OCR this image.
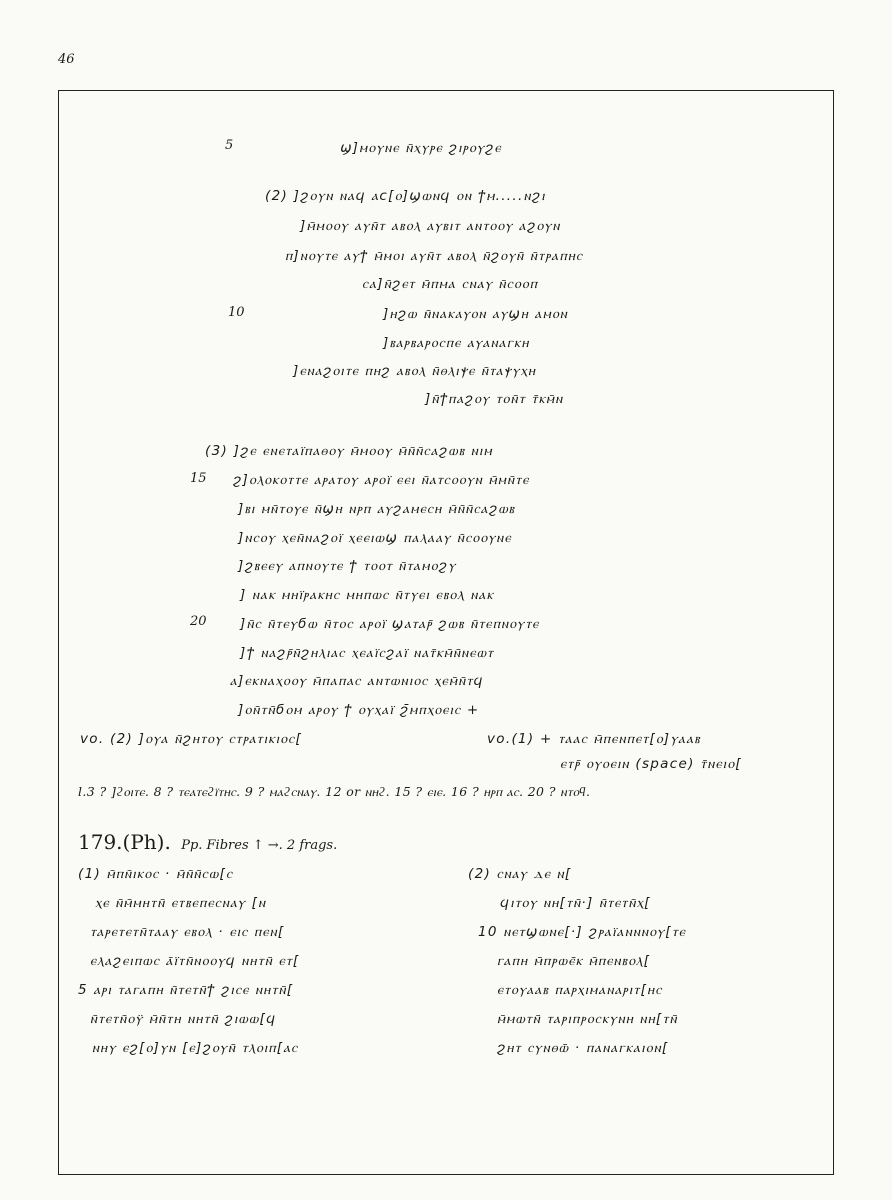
46
5	ϣ]ⲙⲟⲩⲛⲉ ⲛ̄ⲭⲩⲣⲉ ϩⲓⲣⲟⲩϩⲉ
(2) ]ϩⲟⲩⲛ ⲛⲁϥ ⲁϲ[ⲟ]ϣⲱⲛϥ ⲟⲛ ϯⲙ.....ⲛϩⲓ
]ⲙ̄ⲙⲟⲟⲩ ⲁⲩⲛ̄ⲧ ⲁⲃⲟⲗ ⲁⲩⲃⲓⲧ ⲁⲛⲧⲟⲟⲩ ⲁϩⲟⲩⲛ
ⲡ]ⲛⲟⲩⲧⲉ ⲁⲩϯ ⲙ̄ⲙⲟⲓ ⲁⲩⲛ̄ⲧ ⲁⲃⲟⲗ ⲛ̄ϩⲟⲩⲛ̄ ⲛ̄ⲧⲣⲁⲡⲏⲥ
ⲥⲁ]ⲛ̄ϩⲉⲧ ⲙ̄ⲡⲙⲁ ⲥⲛⲁⲩ ⲛ̄ⲥⲟⲟⲡ
10	]ⲏϩⲱ ⲛ̄ⲛⲁⲕⲁⲩⲟⲛ ⲁⲩϣⲏ ⲁⲙⲟⲛ
]ⲃⲁⲣⲃⲁⲣⲟⲥⲡⲉ ⲁⲩⲁⲛⲁⲅⲕⲏ
]ⲉⲛⲁϩⲟⲓⲧⲉ ⲡⲏϩ ⲁⲃⲟⲗ ⲛ̄ⲑⲗⲓⲯⲉ ⲛ̄ⲧⲁⲯⲩⲭⲏ
]ⲛ̄ϯⲡⲁϩⲟⲩ ⲧⲟⲛ̄ⲧ ⲧ̄ⲕⲙ̄ⲛ
(3) ]ϩⲉ ⲉⲛⲉⲧⲁⲓ̈ⲡⲁⲑⲟⲩ ⲙ̄ⲙⲟⲟⲩ ⲙ̄ⲛ̄ⲛ̄ⲥⲁϩⲱⲃ ⲛⲓⲙ
15 ϩ]ⲟⲗⲟⲕⲟⲧⲧⲉ ⲁⲣⲁⲧⲟⲩ ⲁⲣⲟⲓ̈ ⲉⲉⲓ ⲛ̄ⲁⲧⲥⲟⲟⲩⲛ ⲙ̄ⲙⲛ̄ⲧⲉ
]ⲃⲓ ⲙⲛ̄ⲧⲟⲩⲉ ⲛ̄ϣⲏ ⲛⲣⲡ ⲁⲩϩⲁⲙⲉⲥⲏ ⲙ̄ⲛ̄ⲛ̄ⲥⲁϩⲱⲃ
]ⲛⲥⲟⲩ ⲭⲉⲛ̄ⲛⲁϩⲟⲓ̈ ⲭⲉⲉⲓⲱϣ ⲡⲁⲗⲁⲁⲩ ⲛ̄ⲥⲟⲟⲩⲛⲉ
]ϩⲃⲉⲉⲩ ⲁⲡⲛⲟⲩⲧⲉ ϯ ⲧⲟⲟⲧ ⲛ̄ⲧⲁⲙⲟϩⲩ
] ⲛⲁⲕ ⲙⲏⲓ̈ⲣⲁⲕⲏⲥ ⲙⲏⲡⲱⲥ ⲛ̄ⲧⲩⲉⲓ ⲉⲃⲟⲗ ⲛⲁⲕ
20 ]ⲛ̄ⲥ ⲛ̄ⲧⲉⲩϭⲱ ⲛ̄ⲧⲟⲥ ⲁⲣⲟⲓ̈ ϣⲁⲧⲁⲣ̄ ϩⲱⲃ ⲛ̄ⲧⲉⲡⲛⲟⲩⲧⲉ
]ϯ ⲛⲁϩⲣ̄ⲛ̄ϩⲏⲗⲓⲁⲥ ⲭⲉⲁⲓ̈ⲥϩⲁⲓ̈ ⲛⲁⲧ̄ⲕⲙ̄ⲛ̄ⲛⲉⲱⲧ
ⲁ]ⲉⲕⲛⲁⲭⲟⲟⲩ ⲙ̄ⲡⲁⲡⲁⲥ ⲁⲛⲧⲱⲛⲓⲟⲥ ⲭⲉⲙ̄ⲛ̄ⲧϥ
]ⲟⲛ̄ⲧⲛ̄ϭⲟⲙ ⲁⲣⲟⲩ ϯ ⲟⲩⲭⲁⲓ̈ ϩ̄ⲙⲡⲭⲟⲉⲓⲥ +
vo. (2) ]ⲟⲩⲁ ⲛ̄ϩⲏⲧⲟⲩ ⲥⲧⲣⲁⲧⲓⲕⲓⲟⲥ[	vo.(1) + ⲧⲁⲁⲥ ⲙ̄ⲡⲉⲛⲡⲉⲧ[ⲟ]ⲩⲁⲁⲃ
ⲉⲧⲣ̄ ⲟⲩⲟⲉⲓⲛ (space) ⲧ̄ⲛⲉⲓⲟ[
l.3 ? ]ϩⲟⲓⲧⲉ. 8 ? ⲧⲉⲁⲧⲉϩⲓ̈ⲧⲏⲥ. 9 ? ⲙⲁϩⲥⲛⲁⲩ. 12 or ⲛⲏϩ. 15 ? ⲉⲓⲉ. 16 ? ⲏⲣⲡ ⲁⲥ. 20 ? ⲛⲧⲟϥ.
179.(Ph). Pp. Fibres ↑ →. 2 frags.
(1) ⲙ̄ⲡⲛ̄ⲓⲕⲟⲥ · ⲙ̄ⲛ̄ⲛ̄ⲥⲱ[ⲥ
ⲭⲉ ⲛ̄ⲙ̄ⲙⲏⲧⲛ̄ ⲉⲧⲃⲉⲡⲉⲥⲛⲁⲩ [ⲛ
ⲧⲁⲣⲉⲧⲉⲧⲛ̄ⲧⲁⲁⲩ ⲉⲃⲟⲗ · ⲉⲓⲥ ⲡⲉⲛ[
ⲉⲗⲁϩⲉⲓⲡⲱⲥ ⲁ̄ⲓ̈ⲧⲛ̄ⲛⲟⲟⲩϥ ⲛⲏⲧⲛ̄ ⲉⲧ[
5 ⲁⲣⲓ ⲧⲁⲅⲁⲡⲏ ⲛ̄ⲧⲉⲧⲛ̄ϯ ϩⲓⲥⲉ ⲛⲏⲧⲛ̄[
ⲛ̄ⲧⲉⲧⲛ̄ⲟⲩ̈ ⲙ̄ⲛ̄ⲧⲏ ⲛⲏⲧⲛ̄ ϩⲓⲱⲱ[ϥ
ⲛⲏⲩ ⲉϩ[ⲟ]ⲩⲛ [ⲉ]ϩⲟⲩⲛ̄ ⲧⲗⲟⲓⲡ[ⲁⲥ
(2) ⲥⲛⲁⲩ ⲇⲉ ⲛ[
ϥⲓⲧⲟⲩ ⲛⲏ[ⲧⲛ̄·] ⲛ̄ⲧⲉⲧⲛ̄ⲭ[
10 ⲛⲉⲧϣⲱⲛⲉ[·] ϩⲣⲁⲓ̈ⲁⲛⲛⲛⲟⲩ[ⲧⲉ
ⲅⲁⲡⲏ ⲙ̄ⲡⲣⲱⲉ̄ⲕ ⲙ̄ⲡⲉⲛⲃⲟⲗ[
ⲉⲧⲟⲩⲁⲁⲃ ⲡⲁⲣⲭⲓⲙⲁⲛⲁⲣⲓⲧ[ⲏⲥ
ⲙ̄ⲙⲱⲧⲛ̄ ⲧⲁⲣⲓⲡⲣⲟⲥⲕⲩⲛⲏ ⲛⲏ[ⲧⲛ̄
ϩⲏⲧ ⲥⲩⲛⲑⲱ̄ · ⲡⲁⲛⲁⲅⲕⲁⲓⲟⲛ[
